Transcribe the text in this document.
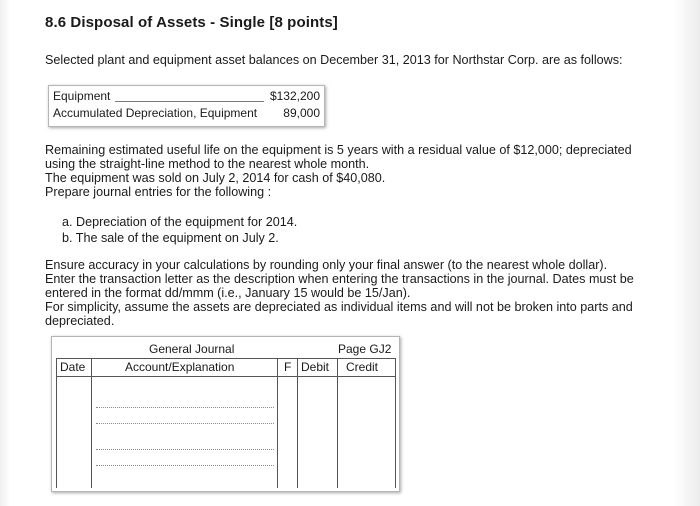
8.6 Disposal of Assets - Single [8 points]
Selected plant and equipment asset balances on December 31, 2013 for Northstar Corp. are as follows:
Equipment	$132,200
Accumulated Depreciation, Equipment 89,000
Remaining estimated useful life on the equipment is 5 years with a residual value of $12,000; depreciated
using the straight-line method to the nearest whole month.
The equipment was sold on July 2, 2014 for cash of $40,080.
Prepare journal entries for the following :
a. Depreciation of the equipment for 2014.
b. The sale of the equipment on July 2.
Ensure accuracy in your calculations by rounding only your final answer (to the nearest whole dollar).
Enter the transaction letter as the description when entering the transactions in the journal. Dates must be
entered in the format dd/mmm (i.e., January 15 would be 15/Jan).
For simplicity, assume the assets are depreciated as individual items and will not be broken into parts and
depreciated.
General Journal	Page GJ2
Date	Account/Explanation	F Debit Credit
